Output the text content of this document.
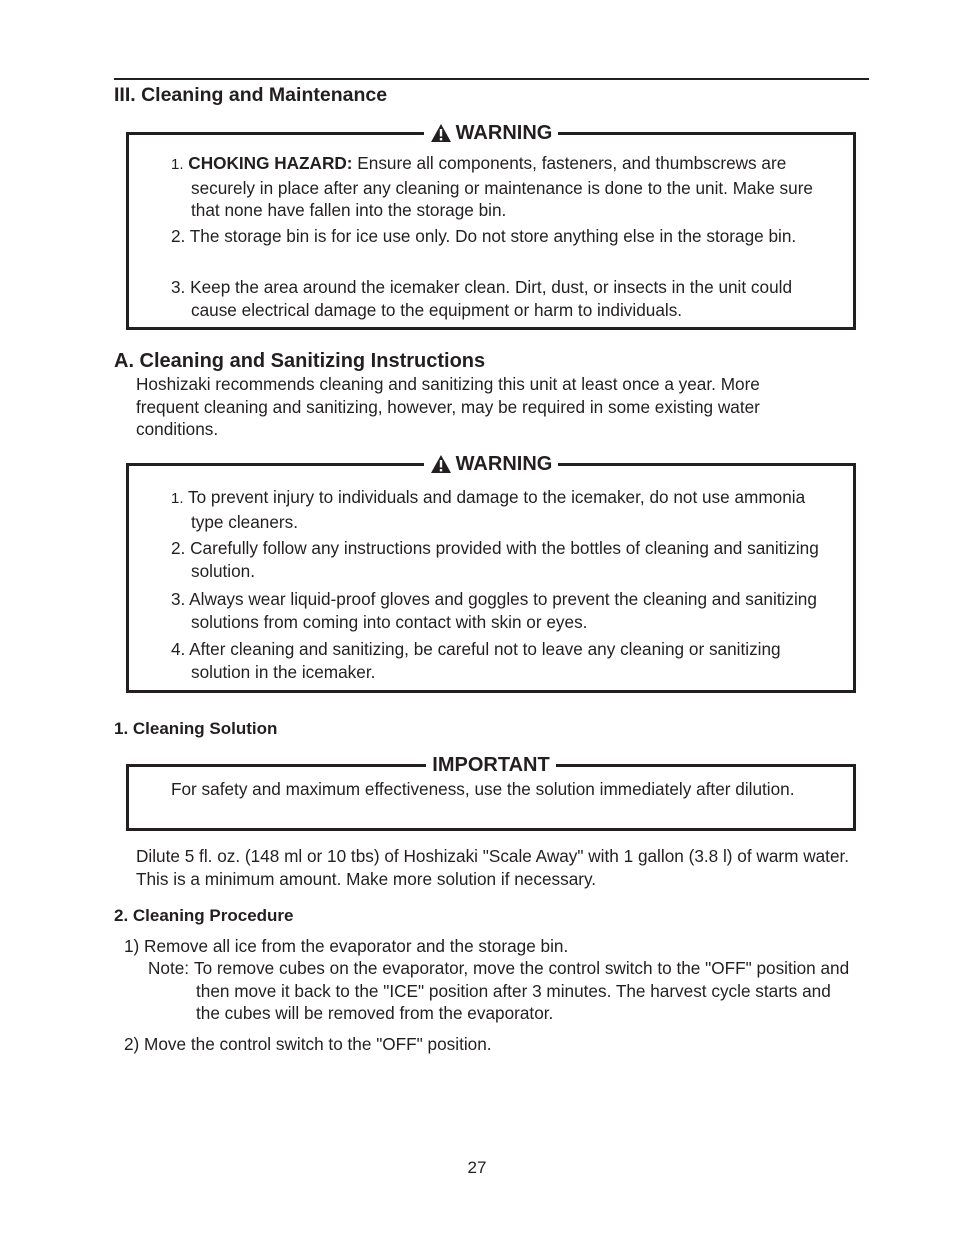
III. Cleaning and Maintenance
WARNING
1. CHOKING HAZARD: Ensure all components, fasteners, and thumbscrews are securely in place after any cleaning or maintenance is done to the unit. Make sure that none have fallen into the storage bin.
2. The storage bin is for ice use only. Do not store anything else in the storage bin.
3. Keep the area around the icemaker clean. Dirt, dust, or insects in the unit could cause electrical damage to the equipment or harm to individuals.
A. Cleaning and Sanitizing Instructions
Hoshizaki recommends cleaning and sanitizing this unit at least once a year. More frequent cleaning and sanitizing, however, may be required in some existing water conditions.
WARNING
1. To prevent injury to individuals and damage to the icemaker, do not use ammonia type cleaners.
2. Carefully follow any instructions provided with the bottles of cleaning and sanitizing solution.
3. Always wear liquid-proof gloves and goggles to prevent the cleaning and sanitizing solutions from coming into contact with skin or eyes.
4. After cleaning and sanitizing, be careful not to leave any cleaning or sanitizing solution in the icemaker.
1. Cleaning Solution
IMPORTANT
For safety and maximum effectiveness, use the solution immediately after dilution.
Dilute 5 fl. oz. (148 ml or 10 tbs) of Hoshizaki "Scale Away" with 1 gallon (3.8 l) of warm water. This is a minimum amount. Make more solution if necessary.
2. Cleaning Procedure
1) Remove all ice from the evaporator and the storage bin.
Note: To remove cubes on the evaporator, move the control switch to the "OFF" position and then move it back to the "ICE" position after 3 minutes. The harvest cycle starts and the cubes will be removed from the evaporator.
2) Move the control switch to the "OFF" position.
27
